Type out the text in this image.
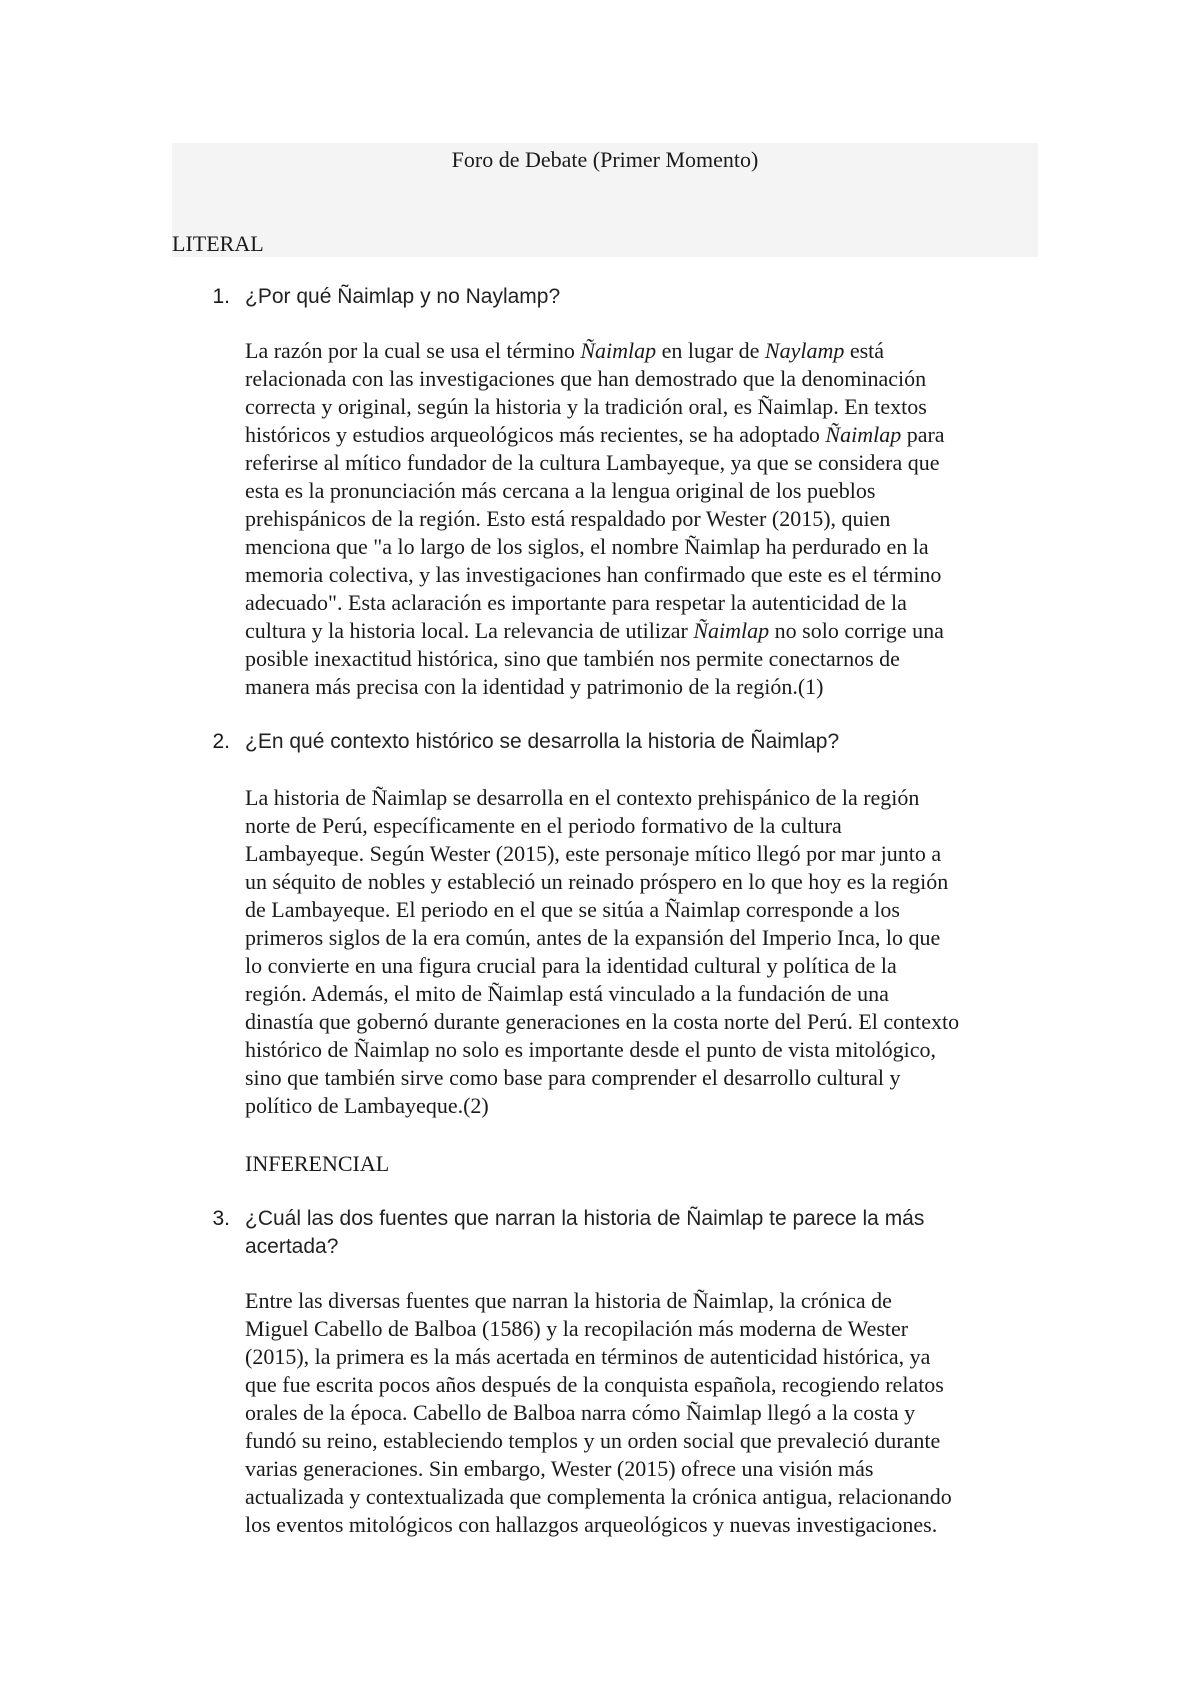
Foro de Debate (Primer Momento)
LITERAL
1. ¿Por qué Ñaimlap y no Naylamp?
La razón por la cual se usa el término Ñaimlap en lugar de Naylamp está
relacionada con las investigaciones que han demostrado que la denominación
correcta y original, según la historia y la tradición oral, es Ñaimlap. En textos
históricos y estudios arqueológicos más recientes, se ha adoptado Ñaimlap para
referirse al mítico fundador de la cultura Lambayeque, ya que se considera que
esta es la pronunciación más cercana a la lengua original de los pueblos
prehispánicos de la región. Esto está respaldado por Wester (2015), quien
menciona que "a lo largo de los siglos, el nombre Ñaimlap ha perdurado en la
memoria colectiva, y las investigaciones han confirmado que este es el término
adecuado". Esta aclaración es importante para respetar la autenticidad de la
cultura y la historia local. La relevancia de utilizar Ñaimlap no solo corrige una
posible inexactitud histórica, sino que también nos permite conectarnos de
manera más precisa con la identidad y patrimonio de la región.(1)
2. ¿En qué contexto histórico se desarrolla la historia de Ñaimlap?
La historia de Ñaimlap se desarrolla en el contexto prehispánico de la región
norte de Perú, específicamente en el periodo formativo de la cultura
Lambayeque. Según Wester (2015), este personaje mítico llegó por mar junto a
un séquito de nobles y estableció un reinado próspero en lo que hoy es la región
de Lambayeque. El periodo en el que se sitúa a Ñaimlap corresponde a los
primeros siglos de la era común, antes de la expansión del Imperio Inca, lo que
lo convierte en una figura crucial para la identidad cultural y política de la
región. Además, el mito de Ñaimlap está vinculado a la fundación de una
dinastía que gobernó durante generaciones en la costa norte del Perú. El contexto
histórico de Ñaimlap no solo es importante desde el punto de vista mitológico,
sino que también sirve como base para comprender el desarrollo cultural y
político de Lambayeque.(2)
INFERENCIAL
3. ¿Cuál las dos fuentes que narran la historia de Ñaimlap te parece la más
acertada?
Entre las diversas fuentes que narran la historia de Ñaimlap, la crónica de
Miguel Cabello de Balboa (1586) y la recopilación más moderna de Wester
(2015), la primera es la más acertada en términos de autenticidad histórica, ya
que fue escrita pocos años después de la conquista española, recogiendo relatos
orales de la época. Cabello de Balboa narra cómo Ñaimlap llegó a la costa y
fundó su reino, estableciendo templos y un orden social que prevaleció durante
varias generaciones. Sin embargo, Wester (2015) ofrece una visión más
actualizada y contextualizada que complementa la crónica antigua, relacionando
los eventos mitológicos con hallazgos arqueológicos y nuevas investigaciones.
